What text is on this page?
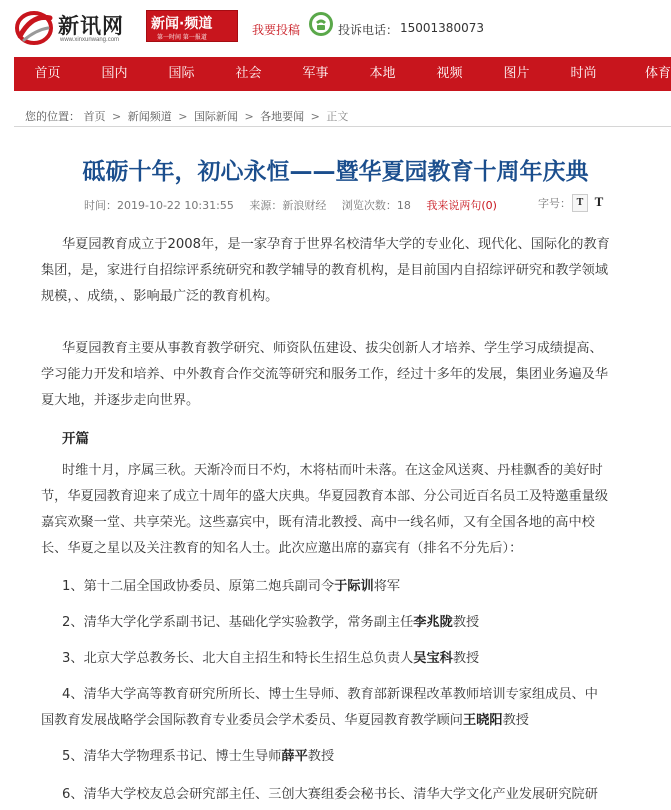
新讯网
www.xinxunwang.com
新闻·频道
第一时间 第一报道
我要投稿	投诉电话： 15001380073
首页	国内	国际	社会	军事	本地	视频	图片	时尚	体育
您的位置： 首页 > 新闻频道 > 国际新闻 > 各地要闻 > 正文
砥砺十年，初心永恒——暨华夏园教育十周年庆典
时间：2019-10-22 10:31:55 来源：新浪财经 浏览次数：18 我来说两句(0)	字号： T T
华夏园教育成立于2008年，是一家孕育于世界名校清华大学的专业化、现代化、国际化的教育
集团，是，家进行自招综评系统研究和教学辅导的教育机构，是目前国内自招综评研究和教学领域
规模，、成绩，、影响最广泛的教育机构。
华夏园教育主要从事教育教学研究、师资队伍建设、拔尖创新人才培养、学生学习成绩提高、
学习能力开发和培养、中外教育合作交流等研究和服务工作，经过十多年的发展，集团业务遍及华
夏大地，并逐步走向世界。
开篇
时维十月，序属三秋。天渐冷而日不灼，木将枯而叶未落。在这金风送爽、丹桂飘香的美好时
节，华夏园教育迎来了成立十周年的盛大庆典。华夏园教育本部、分公司近百名员工及特邀重量级
嘉宾欢聚一堂、共享荣光。这些嘉宾中，既有清北教授、高中一线名师，又有全国各地的高中校
长、华夏之星以及关注教育的知名人士。此次应邀出席的嘉宾有（排名不分先后）：
1、第十二届全国政协委员、原第二炮兵副司令于际训将军
2、清华大学化学系副书记、基础化学实验教学，常务副主任李兆陇教授
3、北京大学总教务长、北大自主招生和特长生招生总负责人吴宝科教授
4、清华大学高等教育研究所所长、博士生导师、教育部新课程改革教师培训专家组成员、中
国教育发展战略学会国际教育专业委员会学术委员、华夏园教育教学顾问王晓阳教授
5、清华大学物理系书记、博士生导师薛平教授
6、清华大学校友总会研究部主任、三创大赛组委会秘书长、清华大学文化产业发展研究院研
